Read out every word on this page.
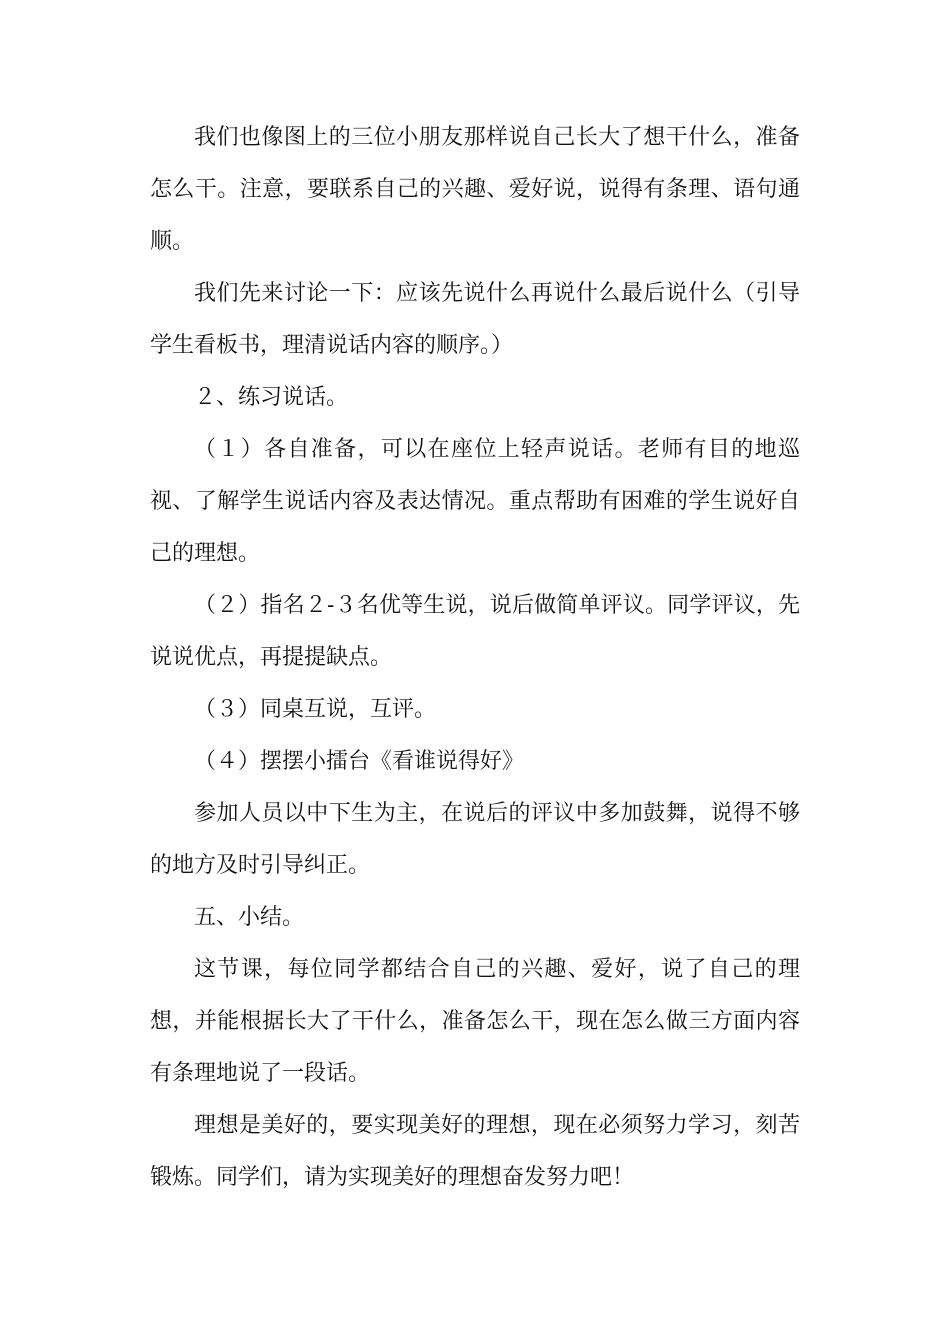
我们也像图上的三位小朋友那样说自己长大了想干什么，准备怎么干。注意，要联系自己的兴趣、爱好说，说得有条理、语句通顺。

我们先来讨论一下：应该先说什么再说什么最后说什么（引导学生看板书，理清说话内容的顺序。）

２、练习说话。

（１）各自准备，可以在座位上轻声说话。老师有目的地巡视、了解学生说话内容及表达情况。重点帮助有困难的学生说好自己的理想。

（２）指名２-３名优等生说，说后做简单评议。同学评议，先说说优点，再提提缺点。

（３）同桌互说，互评。

（４）摆摆小擂台《看谁说得好》

参加人员以中下生为主，在说后的评议中多加鼓舞，说得不够的地方及时引导纠正。

五、小结。

这节课，每位同学都结合自己的兴趣、爱好，说了自己的理想，并能根据长大了干什么，准备怎么干，现在怎么做三方面内容有条理地说了一段话。

理想是美好的，要实现美好的理想，现在必须努力学习，刻苦锻炼。同学们，请为实现美好的理想奋发努力吧！
